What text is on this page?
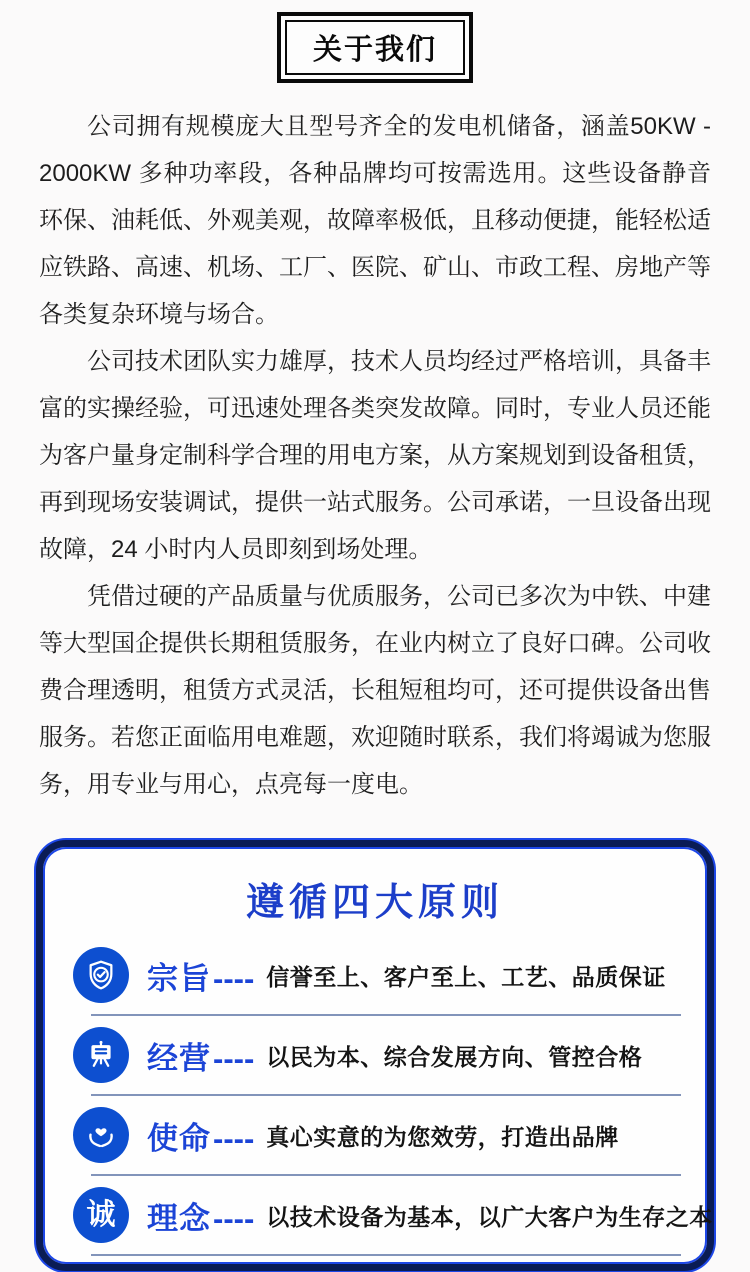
关于我们

公司拥有规模庞大且型号齐全的发电机储备，涵盖50KW - 2000KW 多种功率段，各种品牌均可按需选用。这些设备静音环保、油耗低、外观美观，故障率极低，且移动便捷，能轻松适应铁路、高速、机场、工厂、医院、矿山、市政工程、房地产等各类复杂环境与场合。

公司技术团队实力雄厚，技术人员均经过严格培训，具备丰富的实操经验，可迅速处理各类突发故障。同时，专业人员还能为客户量身定制科学合理的用电方案，从方案规划到设备租赁，再到现场安装调试，提供一站式服务。公司承诺，一旦设备出现故障，24 小时内人员即刻到场处理。

凭借过硬的产品质量与优质服务，公司已多次为中铁、中建等大型国企提供长期租赁服务，在业内树立了良好口碑。公司收费合理透明，租赁方式灵活，长租短租均可，还可提供设备出售服务。若您正面临用电难题，欢迎随时联系，我们将竭诚为您服务，用专业与用心，点亮每一度电。

遵循四大原则
宗旨---- 信誉至上、客户至上、工艺、品质保证
经营---- 以民为本、综合发展方向、管控合格
使命---- 真心实意的为您效劳，打造出品牌
诚 理念---- 以技术设备为基本，以广大客户为生存之本
